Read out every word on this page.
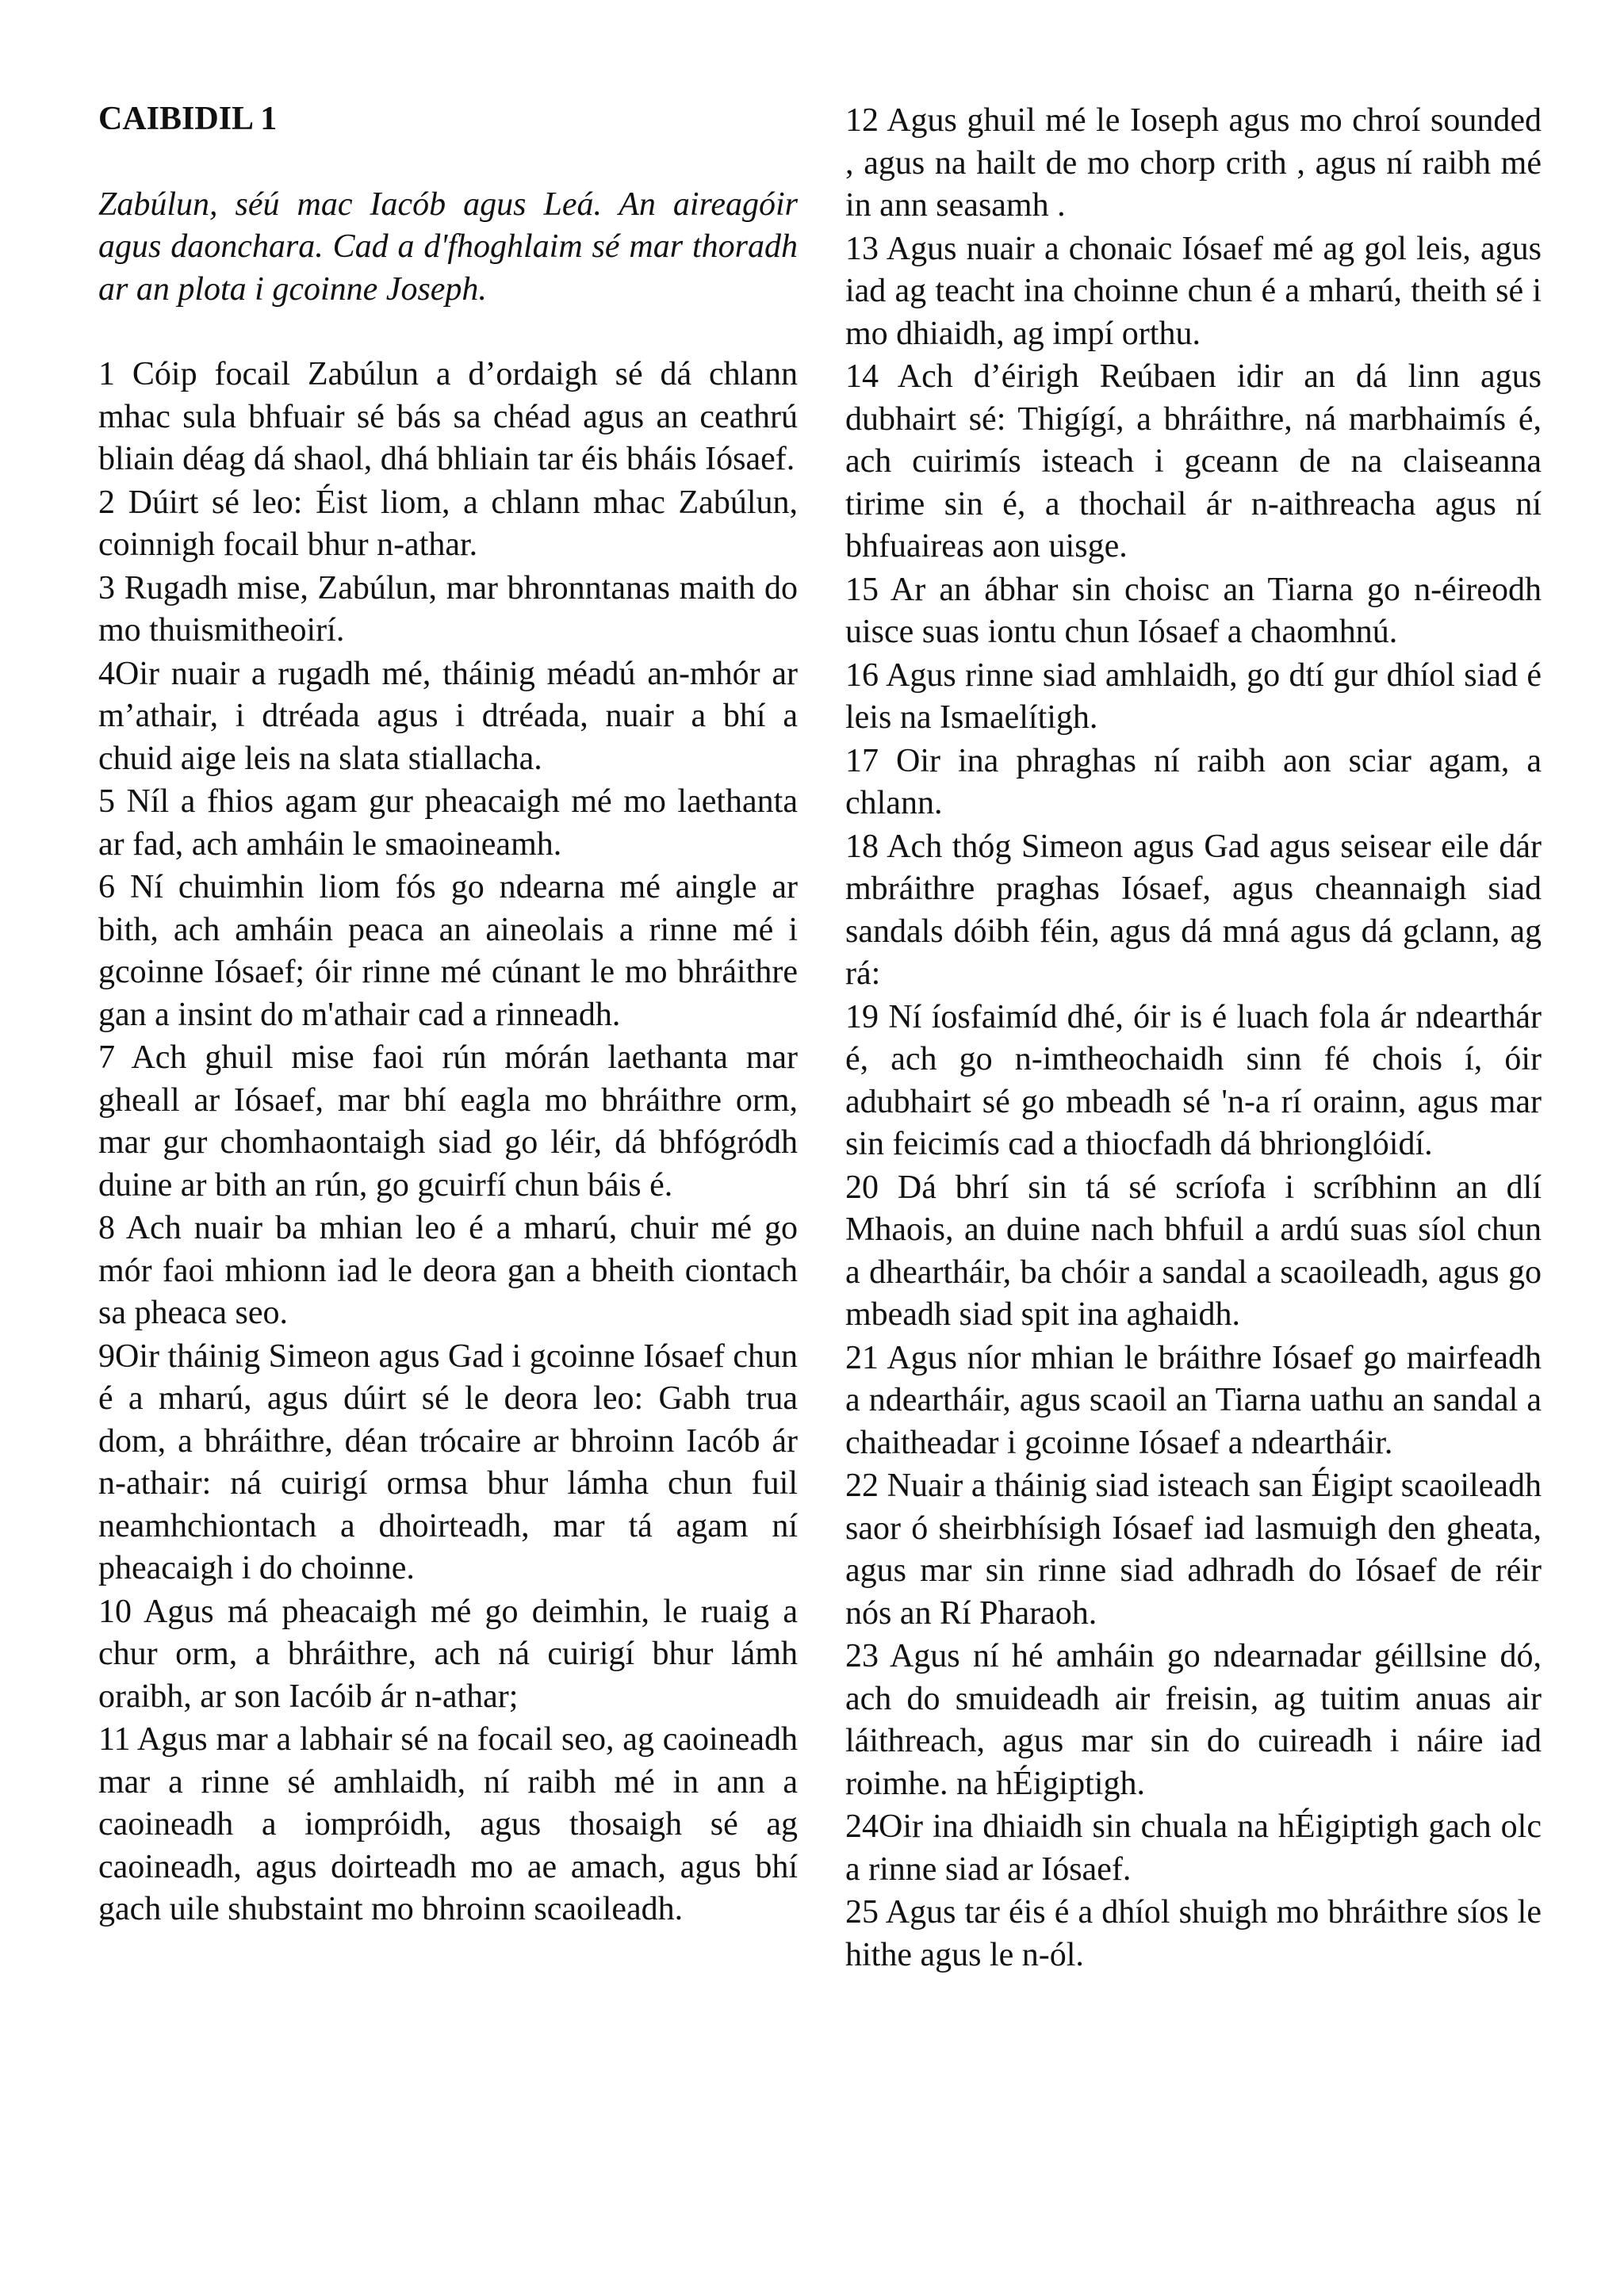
CAIBIDIL 1

Zabúlun, séú mac Iacób agus Leá. An aireagóir agus daonchara. Cad a d'fhoghlaim sé mar thoradh ar an plota i gcoinne Joseph.

1 Cóip focail Zabúlun a d’ordaigh sé dá chlann mhac sula bhfuair sé bás sa chéad agus an ceathrú bliain déag dá shaol, dhá bhliain tar éis bháis Iósaef.

2 Dúirt sé leo: Éist liom, a chlann mhac Zabúlun, coinnigh focail bhur n-athar.

3 Rugadh mise, Zabúlun, mar bhronntanas maith do mo thuismitheoirí.

4Oir nuair a rugadh mé, tháinig méadú an-mhór ar m’athair, i dtréada agus i dtréada, nuair a bhí a chuid aige leis na slata stiallacha.

5 Níl a fhios agam gur pheacaigh mé mo laethanta ar fad, ach amháin le smaoineamh.

6 Ní chuimhin liom fós go ndearna mé aingle ar bith, ach amháin peaca an aineolais a rinne mé i gcoinne Iósaef; óir rinne mé cúnant le mo bhráithre gan a insint do m'athair cad a rinneadh.

7 Ach ghuil mise faoi rún mórán laethanta mar gheall ar Iósaef, mar bhí eagla mo bhráithre orm, mar gur chomhaontaigh siad go léir, dá bhfógródh duine ar bith an rún, go gcuirfí chun báis é.

8 Ach nuair ba mhian leo é a mharú, chuir mé go mór faoi mhionn iad le deora gan a bheith ciontach sa pheaca seo.

9Oir tháinig Simeon agus Gad i gcoinne Iósaef chun é a mharú, agus dúirt sé le deora leo: Gabh trua dom, a bhráithre, déan trócaire ar bhroinn Iacób ár n-athair: ná cuirigí ormsa bhur lámha chun fuil neamhchiontach a dhoirteadh, mar tá agam ní pheacaigh i do choinne.

10 Agus má pheacaigh mé go deimhin, le ruaig a chur orm, a bhráithre, ach ná cuirigí bhur lámh oraibh, ar son Iacóib ár n-athar;

11 Agus mar a labhair sé na focail seo, ag caoineadh mar a rinne sé amhlaidh, ní raibh mé in ann a caoineadh a iompróidh, agus thosaigh sé ag caoineadh, agus doirteadh mo ae amach, agus bhí gach uile shubstaint mo bhroinn scaoileadh.

12 Agus ghuil mé le Ioseph agus mo chroí sounded , agus na hailt de mo chorp crith , agus ní raibh mé in ann seasamh .

13 Agus nuair a chonaic Iósaef mé ag gol leis, agus iad ag teacht ina choinne chun é a mharú, theith sé i mo dhiaidh, ag impí orthu.

14 Ach d’éirigh Reúbaen idir an dá linn agus dubhairt sé: Thigígí, a bhráithre, ná marbhaimís é, ach cuirimís isteach i gceann de na claiseanna tirime sin é, a thochail ár n-aithreacha agus ní bhfuaireas aon uisge.

15 Ar an ábhar sin choisc an Tiarna go n-éireodh uisce suas iontu chun Iósaef a chaomhnú.

16 Agus rinne siad amhlaidh, go dtí gur dhíol siad é leis na Ismaelítigh.

17 Oir ina phraghas ní raibh aon sciar agam, a chlann.

18 Ach thóg Simeon agus Gad agus seisear eile dár mbráithre praghas Iósaef, agus cheannaigh siad sandals dóibh féin, agus dá mná agus dá gclann, ag rá:

19 Ní íosfaimíd dhé, óir is é luach fola ár ndearthár é, ach go n-imtheochaidh sinn fé chois í, óir adubhairt sé go mbeadh sé 'n-a rí orainn, agus mar sin feicimís cad a thiocfadh dá bhrionglóidí.

20 Dá bhrí sin tá sé scríofa i scríbhinn an dlí Mhaois, an duine nach bhfuil a ardú suas síol chun a dheartháir, ba chóir a sandal a scaoileadh, agus go mbeadh siad spit ina aghaidh.

21 Agus níor mhian le bráithre Iósaef go mairfeadh a ndeartháir, agus scaoil an Tiarna uathu an sandal a chaitheadar i gcoinne Iósaef a ndeartháir.

22 Nuair a tháinig siad isteach san Éigipt scaoileadh saor ó sheirbhísigh Iósaef iad lasmuigh den gheata, agus mar sin rinne siad adhradh do Iósaef de réir nós an Rí Pharaoh.

23 Agus ní hé amháin go ndearnadar géillsine dó, ach do smuideadh air freisin, ag tuitim anuas air láithreach, agus mar sin do cuireadh i náire iad roimhe. na hÉigiptigh.

24Oir ina dhiaidh sin chuala na hÉigiptigh gach olc a rinne siad ar Iósaef.

25 Agus tar éis é a dhíol shuigh mo bhráithre síos le hithe agus le n-ól.
